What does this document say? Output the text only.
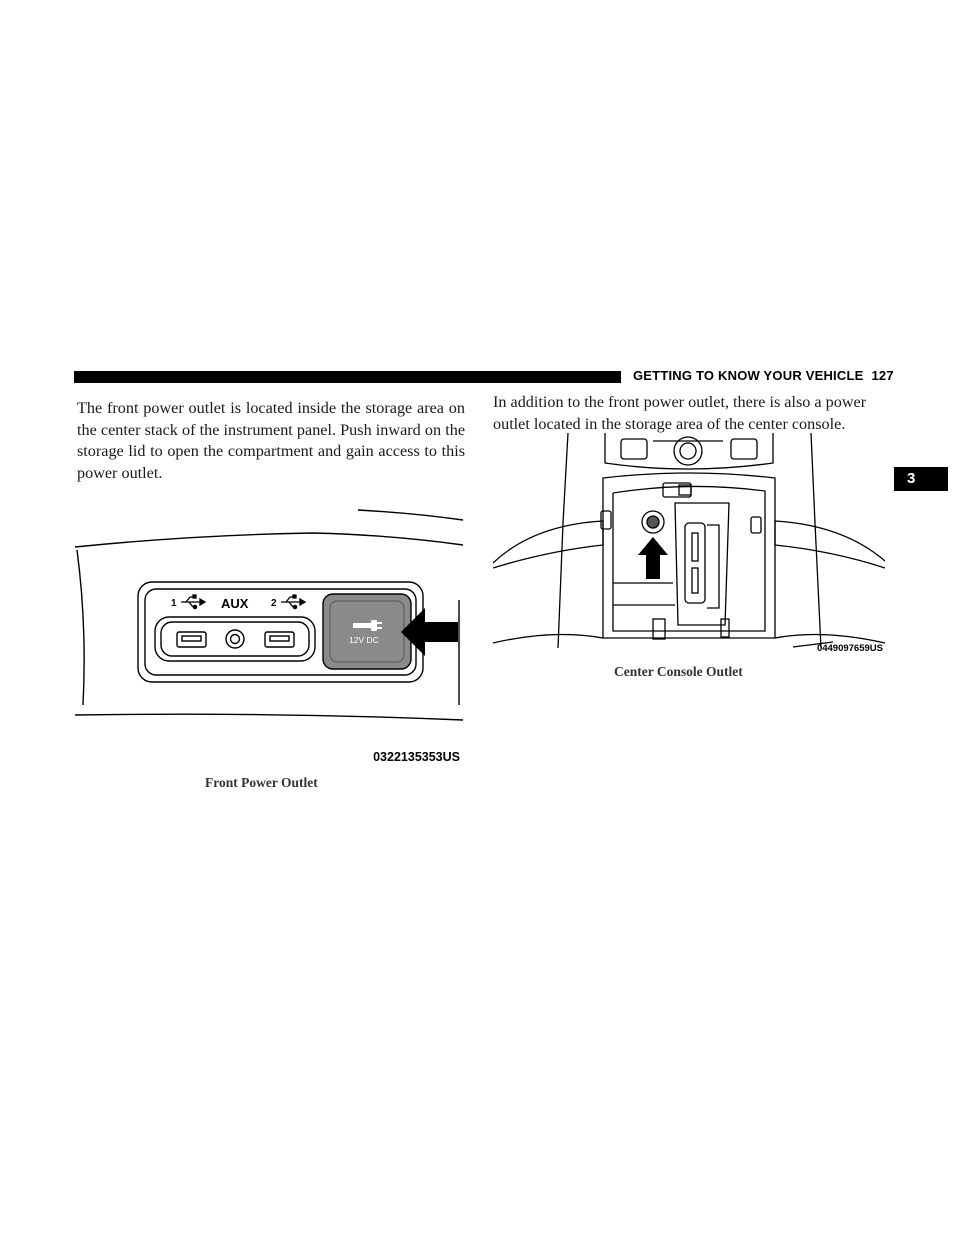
GETTING TO KNOW YOUR VEHICLE 127
3

The front power outlet is located inside the storage area on the center stack of the instrument panel. Push inward on the storage lid to open the compartment and gain access to this power outlet.

In addition to the front power outlet, there is also a power outlet located in the storage area of the center console.

1	AUX 2
12V DC
0322135353US
Front Power Outlet
0449097659US
Center Console Outlet
